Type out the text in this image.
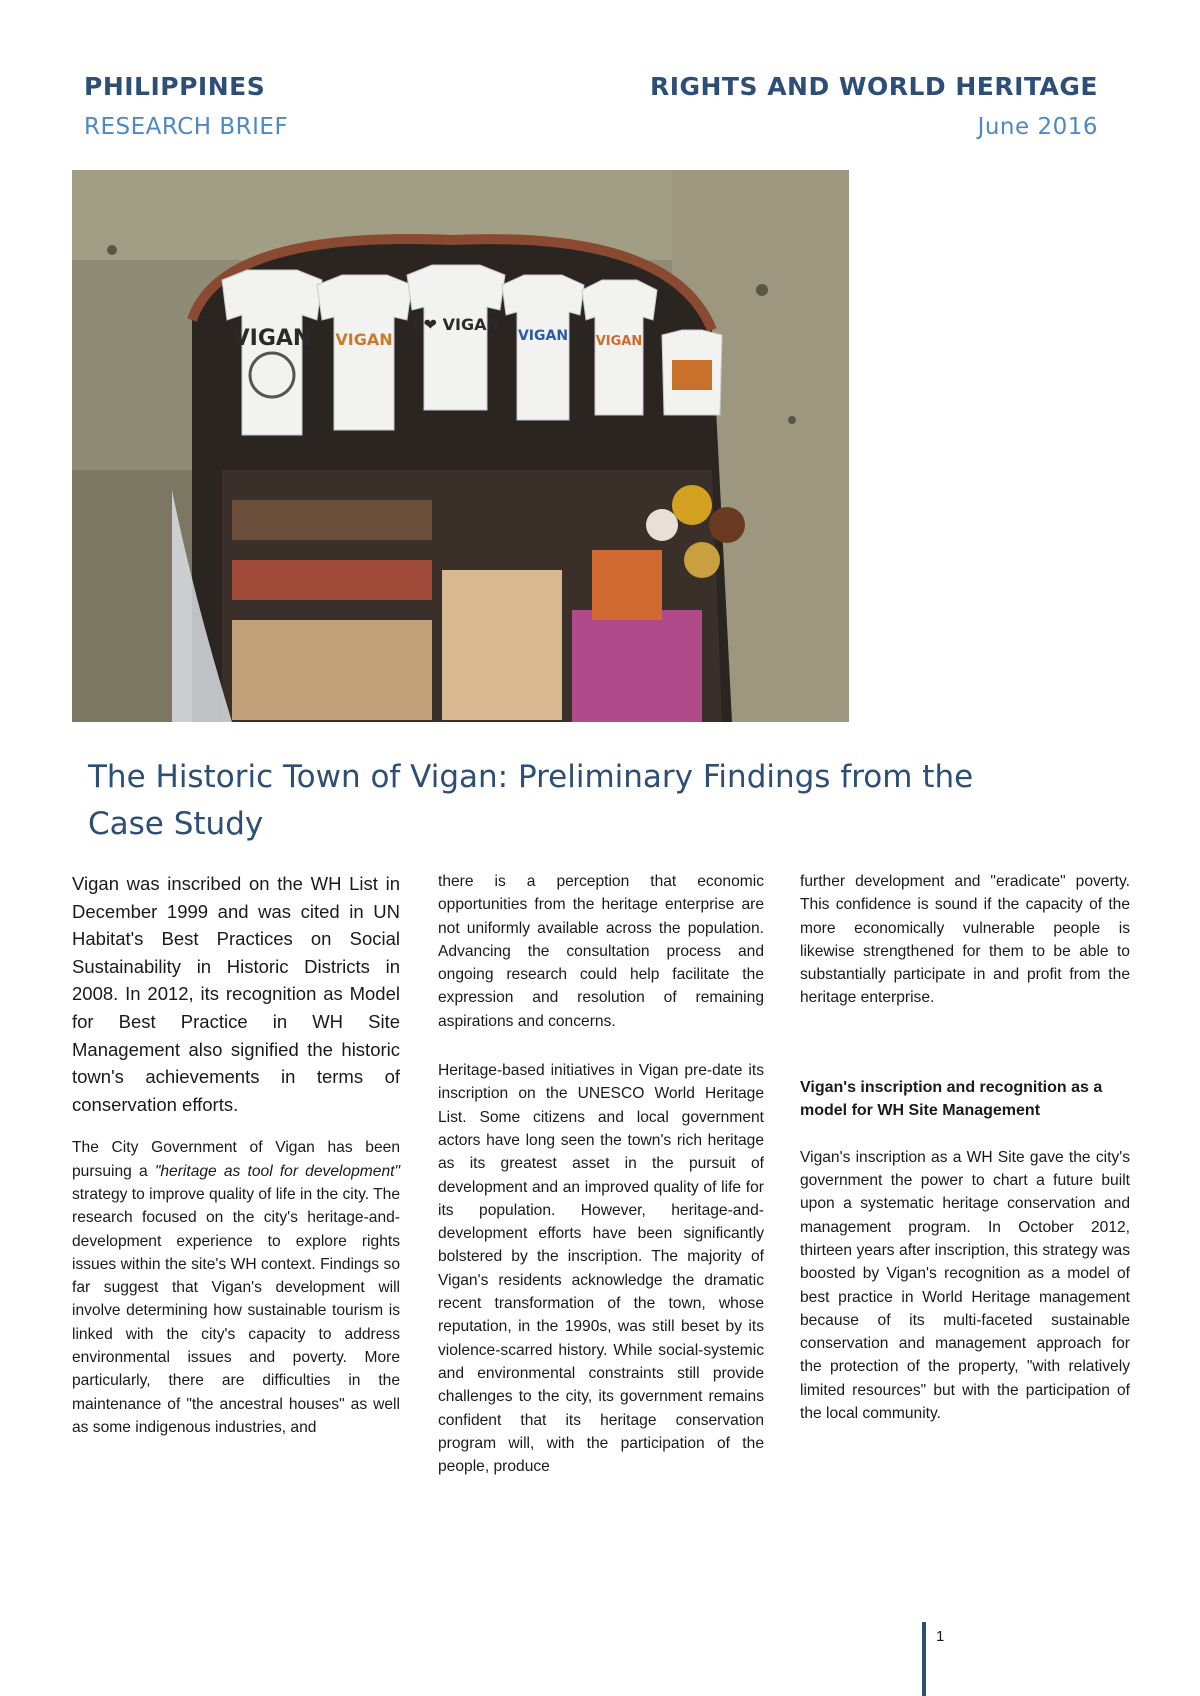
PHILIPPINES
RESEARCH BRIEF
RIGHTS AND WORLD HERITAGE
June 2016
VIGAN VIGAN
I ❤ VIGAN
VIGAN VIGAN
The Historic Town of Vigan: Preliminary Findings from the Case Study

Vigan was inscribed on the WH List in December 1999 and was cited in UN Habitat's Best Practices on Social Sustainability in Historic Districts in 2008. In 2012, its recognition as Model for Best Practice in WH Site Management also signified the historic town's achievements in terms of conservation efforts.

The City Government of Vigan has been pursuing a "heritage as tool for development" strategy to improve quality of life in the city. The research focused on the city's heritage-and-development experience to explore rights issues within the site's WH context. Findings so far suggest that Vigan's development will involve determining how sustainable tourism is linked with the city's capacity to address environmental issues and poverty. More particularly, there are difficulties in the maintenance of "the ancestral houses" as well as some indigenous industries, and

there is a perception that economic opportunities from the heritage enterprise are not uniformly available across the population. Advancing the consultation process and ongoing research could help facilitate the expression and resolution of remaining aspirations and concerns.

Heritage-based initiatives in Vigan pre-date its inscription on the UNESCO World Heritage List. Some citizens and local government actors have long seen the town's rich heritage as its greatest asset in the pursuit of development and an improved quality of life for its population. However, heritage-and-development efforts have been significantly bolstered by the inscription. The majority of Vigan's residents acknowledge the dramatic recent transformation of the town, whose reputation, in the 1990s, was still beset by its violence-scarred history. While social-systemic and environmental constraints still provide challenges to the city, its government remains confident that its heritage conservation program will, with the participation of the people, produce

further development and "eradicate" poverty. This confidence is sound if the capacity of the more economically vulnerable people is likewise strengthened for them to be able to substantially participate in and profit from the heritage enterprise.

Vigan's inscription and recognition as a model for WH Site Management

Vigan's inscription as a WH Site gave the city's government the power to chart a future built upon a systematic heritage conservation and management program. In October 2012, thirteen years after inscription, this strategy was boosted by Vigan's recognition as a model of best practice in World Heritage management because of its multi-faceted sustainable conservation and management approach for the protection of the property, "with relatively limited resources" but with the participation of the local community.

1
